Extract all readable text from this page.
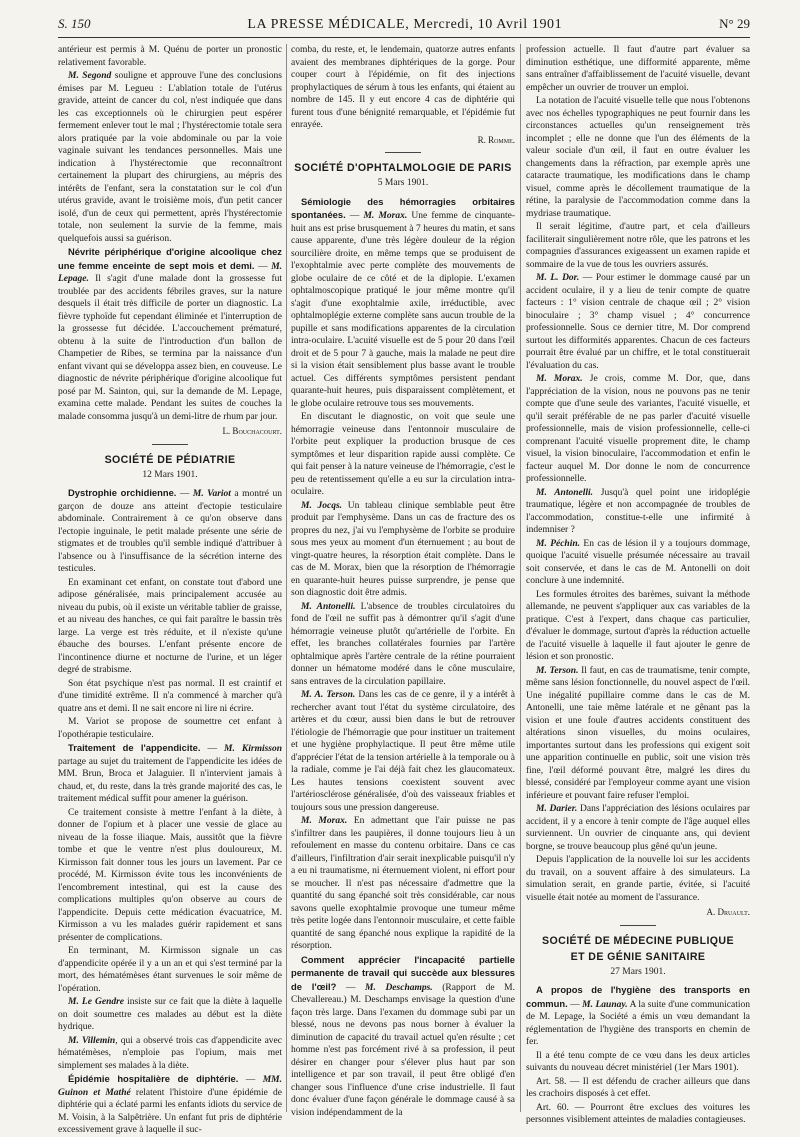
S. 150	LA PRESSE MÉDICALE, Mercredi, 10 Avril 1901	N° 29

antérieur est permis à M. Quénu de porter un pronostic relativement favorable.

M. Segond souligne et approuve l'une des conclusions émises par M. Legueu : L'ablation totale de l'utérus gravide, atteint de cancer du col, n'est indiquée que dans les cas exceptionnels où le chirurgien peut espérer fermement enlever tout le mal ; l'hystérectomie totale sera alors pratiquée par la voie abdominale ou par la voie vaginale suivant les tendances personnelles. Mais une indication à l'hystérectomie que reconnaîtront certainement la plupart des chirurgiens, au mépris des intérêts de l'enfant, sera la constatation sur le col d'un utérus gravide, avant le troisième mois, d'un petit cancer isolé, d'un de ceux qui permettent, après l'hystérectomie totale, non seulement la survie de la femme, mais quelquefois aussi sa guérison.

Névrite périphérique d'origine alcoolique chez une femme enceinte de sept mois et demi. — M. Lepage. Il s'agit d'une malade dont la grossesse fut troublée par des accidents fébriles graves, sur la nature desquels il était très difficile de porter un diagnostic. La fièvre typhoïde fut cependant éliminée et l'interruption de la grossesse fut décidée. L'accouchement prématuré, obtenu à la suite de l'introduction d'un ballon de Champetier de Ribes, se termina par la naissance d'un enfant vivant qui se développa assez bien, en couveuse. Le diagnostic de névrite périphérique d'origine alcoolique fut posé par M. Sainton, qui, sur la demande de M. Lepage, examina cette malade. Pendant les suites de couches la malade consomma jusqu'à un demi-litre de rhum par jour.

L. Bouchacourt.

SOCIÉTÉ DE PÉDIATRIE

12 Mars 1901.

Dystrophie orchidienne. — M. Variot a montré un garçon de douze ans atteint d'ectopie testiculaire abdominale. Contrairement à ce qu'on observe dans l'ectopie inguinale, le petit malade présente une série de stigmates et de troubles qu'il semble indiqué d'attribuer à l'absence ou à l'insuffisance de la sécrétion interne des testicules.

En examinant cet enfant, on constate tout d'abord une adipose généralisée, mais principalement accusée au niveau du pubis, où il existe un véritable tablier de graisse, et au niveau des hanches, ce qui fait paraître le bassin très large. La verge est très réduite, et il n'existe qu'une ébauche des bourses. L'enfant présente encore de l'incontinence diurne et nocturne de l'urine, et un léger degré de strabisme.

Son état psychique n'est pas normal. Il est craintif et d'une timidité extrême. Il n'a commencé à marcher qu'à quatre ans et demi. Il ne sait encore ni lire ni écrire.

M. Variot se propose de soumettre cet enfant à l'opothérapie testiculaire.

Traitement de l'appendicite. — M. Kirmisson partage au sujet du traitement de l'appendicite les idées de MM. Brun, Broca et Jalaguier. Il n'intervient jamais à chaud, et, du reste, dans la très grande majorité des cas, le traitement médical suffit pour amener la guérison.

Ce traitement consiste à mettre l'enfant à la diète, à donner de l'opium et à placer une vessie de glace au niveau de la fosse iliaque. Mais, aussitôt que la fièvre tombe et que le ventre n'est plus douloureux, M. Kirmisson fait donner tous les jours un lavement. Par ce procédé, M. Kirmisson évite tous les inconvénients de l'encombrement intestinal, qui est la cause des complications multiples qu'on observe au cours de l'appendicite. Depuis cette médication évacuatrice, M. Kirmisson a vu les malades guérir rapidement et sans présenter de complications.

En terminant, M. Kirmisson signale un cas d'appendicite opérée il y a un an et qui s'est terminé par la mort, des hématémèses étant survenues le soir même de l'opération.

M. Le Gendre insiste sur ce fait que la diète à laquelle on doit soumettre ces malades au début est la diète hydrique.

M. Villemin, qui a observé trois cas d'appendicite avec hématémèses, n'emploie pas l'opium, mais met simplement ses malades à la diète.

Épidémie hospitalière de diphtérie. — MM. Guinon et Mathé relatent l'histoire d'une épidémie de diphtérie qui a éclaté parmi les enfants idiots du service de M. Voisin, à la Salpêtrière. Un enfant fut pris de diphtérie excessivement grave à laquelle il suc-

comba, du reste, et, le lendemain, quatorze autres enfants avaient des membranes diphtériques de la gorge. Pour couper court à l'épidémie, on fit des injections prophylactiques de sérum à tous les enfants, qui étaient au nombre de 145. Il y eut encore 4 cas de diphtérie qui furent tous d'une bénignité remarquable, et l'épidémie fut enrayée.

R. Romme.

SOCIÉTÉ D'OPHTALMOLOGIE DE PARIS

5 Mars 1901.

Sémiologie des hémorragies orbitaires spontanées. — M. Morax. Une femme de cinquante-huit ans est prise brusquement à 7 heures du matin, et sans cause apparente, d'une très légère douleur de la région sourcilière droite, en même temps que se produisent de l'exophtalmie avec perte complète des mouvements de globe oculaire de ce côté et de la diplopie. L'examen ophtalmoscopique pratiqué le jour même montre qu'il s'agit d'une exophtalmie axile, irréductible, avec ophtalmoplégie externe complète sans aucun trouble de la pupille et sans modifications apparentes de la circulation intra-oculaire. L'acuité visuelle est de 5 pour 20 dans l'œil droit et de 5 pour 7 à gauche, mais la malade ne peut dire si la vision était sensiblement plus basse avant le trouble actuel. Ces différents symptômes persistent pendant quarante-huit heures, puis disparaissent complètement, et le globe oculaire retrouve tous ses mouvements.

En discutant le diagnostic, on voit que seule une hémorragie veineuse dans l'entonnoir musculaire de l'orbite peut expliquer la production brusque de ces symptômes et leur disparition rapide aussi complète. Ce qui fait penser à la nature veineuse de l'hémorragie, c'est le peu de retentissement qu'elle a eu sur la circulation intra-oculaire.

M. Jocqs. Un tableau clinique semblable peut être produit par l'emphysème. Dans un cas de fracture des os propres du nez, j'ai vu l'emphysème de l'orbite se produire sous mes yeux au moment d'un éternuement ; au bout de vingt-quatre heures, la résorption était complète. Dans le cas de M. Morax, bien que la résorption de l'hémorragie en quarante-huit heures puisse surprendre, je pense que son diagnostic doit être admis.

M. Antonelli. L'absence de troubles circulatoires du fond de l'œil ne suffit pas à démontrer qu'il s'agit d'une hémorragie veineuse plutôt qu'artérielle de l'orbite. En effet, les branches collatérales fournies par l'artère ophtalmique après l'artère centrale de la rétine pourraient donner un hématome modéré dans le cône musculaire, sans entraves de la circulation papillaire.

M. A. Terson. Dans les cas de ce genre, il y a intérêt à rechercher avant tout l'état du système circulatoire, des artères et du cœur, aussi bien dans le but de retrouver l'étiologie de l'hémorragie que pour instituer un traitement et une hygiène prophylactique. Il peut être même utile d'apprécier l'état de la tension artérielle à la temporale ou à la radiale, comme je l'ai déjà fait chez les glaucomateux. Les hautes tensions coexistent souvent avec l'artériosclérose généralisée, d'où des vaisseaux friables et toujours sous une pression dangereuse.

M. Morax. En admettant que l'air puisse ne pas s'infiltrer dans les paupières, il donne toujours lieu à un refoulement en masse du contenu orbitaire. Dans ce cas d'ailleurs, l'infiltration d'air serait inexplicable puisqu'il n'y a eu ni traumatisme, ni éternuement violent, ni effort pour se moucher. Il n'est pas nécessaire d'admettre que la quantité du sang épanché soit très considérable, car nous savons quelle exophtalmie provoque une tumeur même très petite logée dans l'entonnoir musculaire, et cette faible quantité de sang épanché nous explique la rapidité de la résorption.

Comment apprécier l'incapacité partielle permanente de travail qui succède aux blessures de l'œil? — M. Deschamps. (Rapport de M. Chevallereau.) M. Deschamps envisage la question d'une façon très large. Dans l'examen du dommage subi par un blessé, nous ne devons pas nous borner à évaluer la diminution de capacité du travail actuel qu'en résulte ; cet homme n'est pas forcément rivé à sa profession, il peut désirer en changer pour s'élever plus haut par son intelligence et par son travail, il peut être obligé d'en changer sous l'influence d'une crise industrielle. Il faut donc évaluer d'une façon générale le dommage causé à sa vision indépendamment de la

profession actuelle. Il faut d'autre part évaluer sa diminution esthétique, une difformité apparente, même sans entraîner d'affaiblissement de l'acuité visuelle, devant empêcher un ouvrier de trouver un emploi.

La notation de l'acuité visuelle telle que nous l'obtenons avec nos échelles typographiques ne peut fournir dans les circonstances actuelles qu'un renseignement très incomplet ; elle ne donne que l'un des éléments de la valeur sociale d'un œil, il faut en outre évaluer les changements dans la réfraction, par exemple après une cataracte traumatique, les modifications dans le champ visuel, comme après le décollement traumatique de la rétine, la paralysie de l'accommodation comme dans la mydriase traumatique.

Il serait légitime, d'autre part, et cela d'ailleurs faciliterait singulièrement notre rôle, que les patrons et les compagnies d'assurances exigeassent un examen rapide et sommaire de la vue de tous les ouvriers assurés.

M. L. Dor. — Pour estimer le dommage causé par un accident oculaire, il y a lieu de tenir compte de quatre facteurs : 1° vision centrale de chaque œil ; 2° vision binoculaire ; 3° champ visuel ; 4° concurrence professionnelle. Sous ce dernier titre, M. Dor comprend surtout les difformités apparentes. Chacun de ces facteurs pourrait être évalué par un chiffre, et le total constituerait l'évaluation du cas.

M. Morax. Je crois, comme M. Dor, que, dans l'appréciation de la vision, nous ne pouvons pas ne tenir compte que d'une seule des variantes, l'acuité visuelle, et qu'il serait préférable de ne pas parler d'acuité visuelle professionnelle, mais de vision professionnelle, celle-ci comprenant l'acuité visuelle proprement dite, le champ visuel, la vision binoculaire, l'accommodation et enfin le facteur auquel M. Dor donne le nom de concurrence professionnelle.

M. Antonelli. Jusqu'à quel point une iridoplégie traumatique, légère et non accompagnée de troubles de l'accommodation, constitue-t-elle une infirmité à indemniser ?

M. Péchin. En cas de lésion il y a toujours dommage, quoique l'acuité visuelle présumée nécessaire au travail soit conservée, et dans le cas de M. Antonelli on doit conclure à une indemnité.

Les formules étroites des barèmes, suivant la méthode allemande, ne peuvent s'appliquer aux cas variables de la pratique. C'est à l'expert, dans chaque cas particulier, d'évaluer le dommage, surtout d'après la réduction actuelle de l'acuité visuelle à laquelle il faut ajouter le genre de lésion et son pronostic.

M. Terson. Il faut, en cas de traumatisme, tenir compte, même sans lésion fonctionnelle, du nouvel aspect de l'œil. Une inégalité pupillaire comme dans le cas de M. Antonelli, une taie même latérale et ne gênant pas la vision et une foule d'autres accidents constituent des altérations sinon visuelles, du moins oculaires, importantes surtout dans les professions qui exigent soit une apparition continuelle en public, soit une vision très fine, l'œil déformé pouvant être, malgré les dires du blessé, considéré par l'employeur comme ayant une vision inférieure et pouvant faire refuser l'emploi.

M. Darier. Dans l'appréciation des lésions oculaires par accident, il y a encore à tenir compte de l'âge auquel elles surviennent. Un ouvrier de cinquante ans, qui devient borgne, se trouve beaucoup plus gêné qu'un jeune.

Depuis l'application de la nouvelle loi sur les accidents du travail, on a souvent affaire à des simulateurs. La simulation serait, en grande partie, évitée, si l'acuité visuelle était notée au moment de l'assurance.

A. Druault.

SOCIÉTÉ DE MÉDECINE PUBLIQUE

ET DE GÉNIE SANITAIRE

27 Mars 1901.

A propos de l'hygiène des transports en commun. — M. Launay. A la suite d'une communication de M. Lepage, la Société a émis un vœu demandant la réglementation de l'hygiène des transports en chemin de fer.

Il a été tenu compte de ce vœu dans les deux articles suivants du nouveau décret ministériel (1er Mars 1901).

Art. 58. — Il est défendu de cracher ailleurs que dans les crachoirs disposés à cet effet.

Art. 60. — Pourront être exclues des voitures les personnes visiblement atteintes de maladies contagieuses.
